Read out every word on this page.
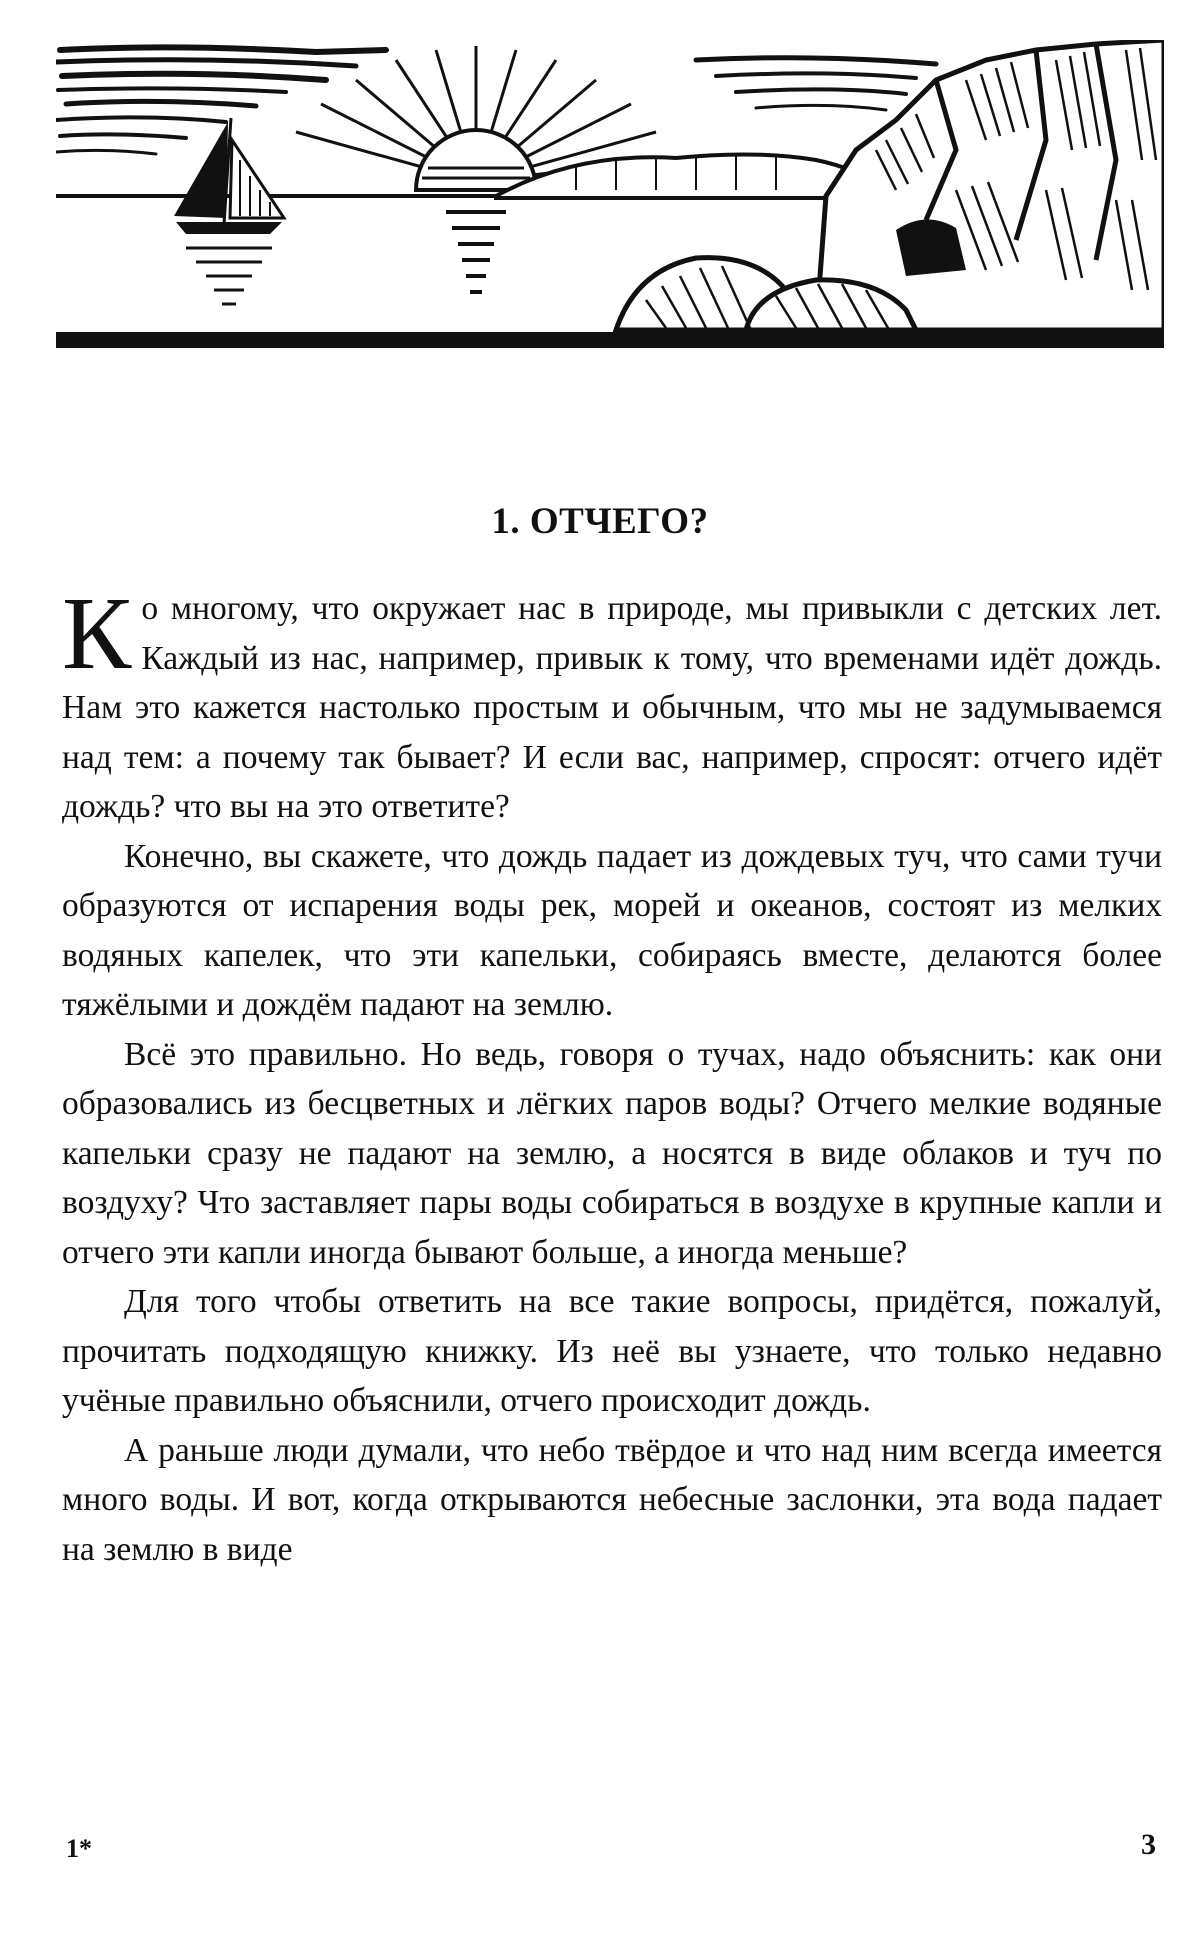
1. ОТЧЕГО?

Ко многому, что окружает нас в природе, мы привыкли с детских лет. Каждый из нас, например, привык к тому, что временами идёт дождь. Нам это кажется настолько простым и обычным, что мы не задумываемся над тем: а почему так бывает? И если вас, например, спросят: отчего идёт дождь? что вы на это ответите?

Конечно, вы скажете, что дождь падает из дождевых туч, что сами тучи образуются от испарения воды рек, морей и океанов, состоят из мелких водяных капелек, что эти капельки, собираясь вместе, делаются более тяжёлыми и дождём падают на землю.

Всё это правильно. Но ведь, говоря о тучах, надо объяснить: как они образовались из бесцветных и лёгких паров воды? Отчего мелкие водяные капельки сразу не падают на землю, а носятся в виде облаков и туч по воздуху? Что заставляет пары воды собираться в воздухе в крупные капли и отчего эти капли иногда бывают больше, а иногда меньше?

Для того чтобы ответить на все такие вопросы, придётся, пожалуй, прочитать подходящую книжку. Из неё вы узнаете, что только недавно учёные правильно объяснили, отчего происходит дождь.

А раньше люди думали, что небо твёрдое и что над ним всегда имеется много воды. И вот, когда открываются небесные заслонки, эта вода падает на землю в виде

1*	3
